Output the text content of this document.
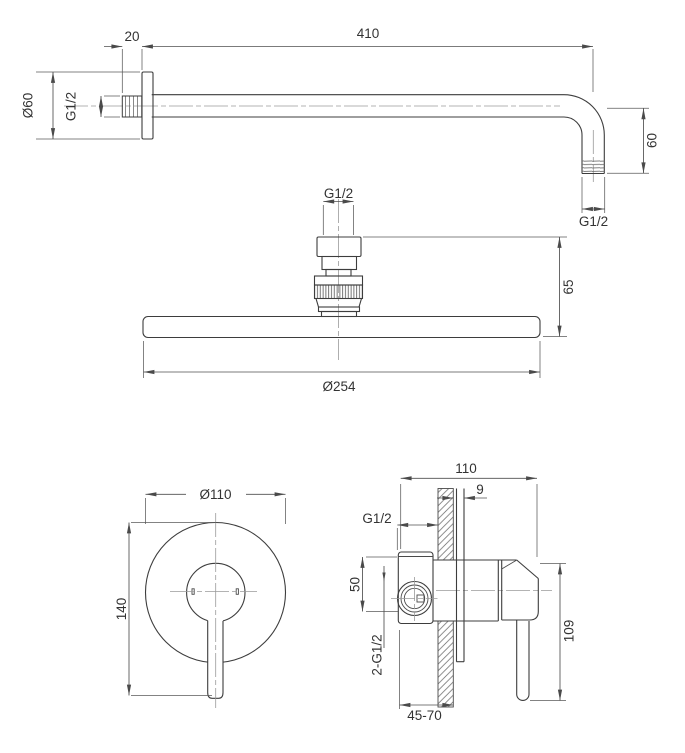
20	410
Ø60 G1/2
60
G1/2
G1/2
65
Ø254
Ø110
140
110
9
G1/2
50
2-G1/2
109
45-70
